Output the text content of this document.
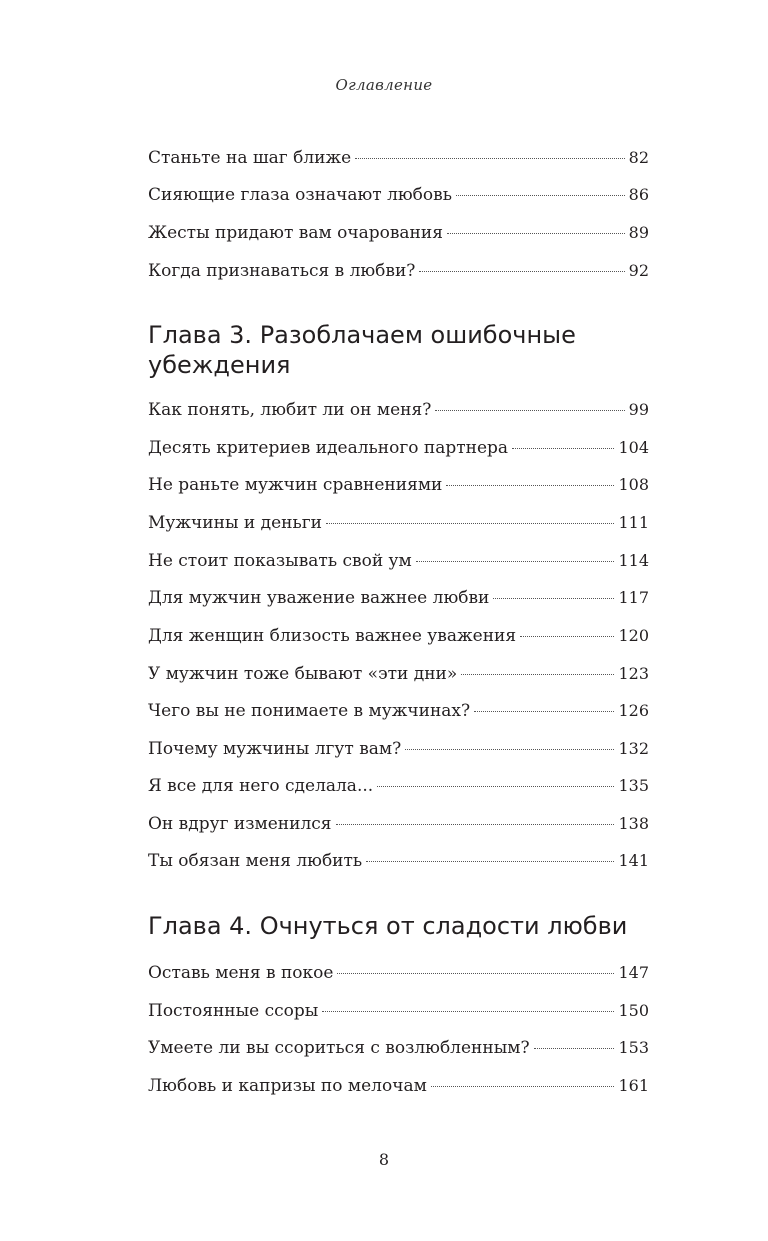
Оглавление
Станьте на шаг ближе	82
Сияющие глаза означают любовь	86
Жесты придают вам очарования	89
Когда признаваться в любви?	92
Глава 3. Разоблачаем ошибочные
убеждения
Как понять, любит ли он меня?	99
Десять критериев идеального партнера	104
Не раньте мужчин сравнениями	108
Мужчины и деньги	111
Не стоит показывать свой ум	114
Для мужчин уважение важнее любви	117
Для женщин близость важнее уважения	120
У мужчин тоже бывают «эти дни»	123
Чего вы не понимаете в мужчинах?	126
Почему мужчины лгут вам?	132
Я все для него сделала...	135
Он вдруг изменился	138
Ты обязан меня любить	141
Глава 4. Очнуться от сладости любви
Оставь меня в покое	147
Постоянные ссоры	150
Умеете ли вы ссориться с возлюбленным?	153
Любовь и капризы по мелочам	161
8
